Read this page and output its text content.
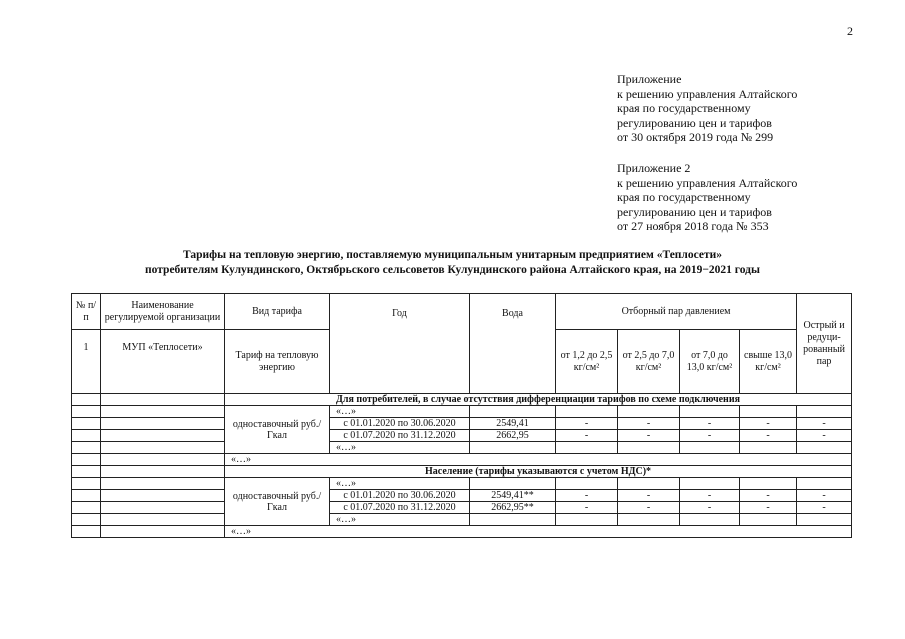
2
Приложение
к решению управления Алтайского
края по государственному
регулированию цен и тарифов
от 30 октября 2019 года № 299
Приложение 2
к решению управления Алтайского
края по государственному
регулированию цен и тарифов
от 27 ноября 2018 года № 353
Тарифы на тепловую энергию, поставляемую муниципальным унитарным предприятием «Теплосети»
потребителям Кулундинского, Октябрьского сельсоветов Кулундинского района Алтайского края, на 2019−2021 годы
№ п/п	Наименование регулируемой организации	Вид тарифа	Год	Вода	Отборный пар давлением				Острый и редуци-рованный пар
1	МУП «Теплосети»	Тариф на тепловую энергию			от 1,2 до 2,5 кг/см²	от 2,5 до 7,0 кг/см²	от 7,0 до 13,0 кг/см²	свыше 13,0 кг/см²	
		Для потребителей, в случае отсутствия дифференциации тарифов по схеме подключения							
		одноставочный руб./Гкал	«…»						
			с 01.01.2020 по 30.06.2020	2549,41	-	-	-	-	-
			с 01.07.2020 по 31.12.2020	2662,95	-	-	-	-	-
			«…»						
		«…»							
		Население (тарифы указываются с учетом НДС)*							
		одноставочный руб./Гкал	«…»						
			с 01.01.2020 по 30.06.2020	2549,41**	-	-	-	-	-
			с 01.07.2020 по 31.12.2020	2662,95**	-	-	-	-	-
			«…»						
		«…»							
